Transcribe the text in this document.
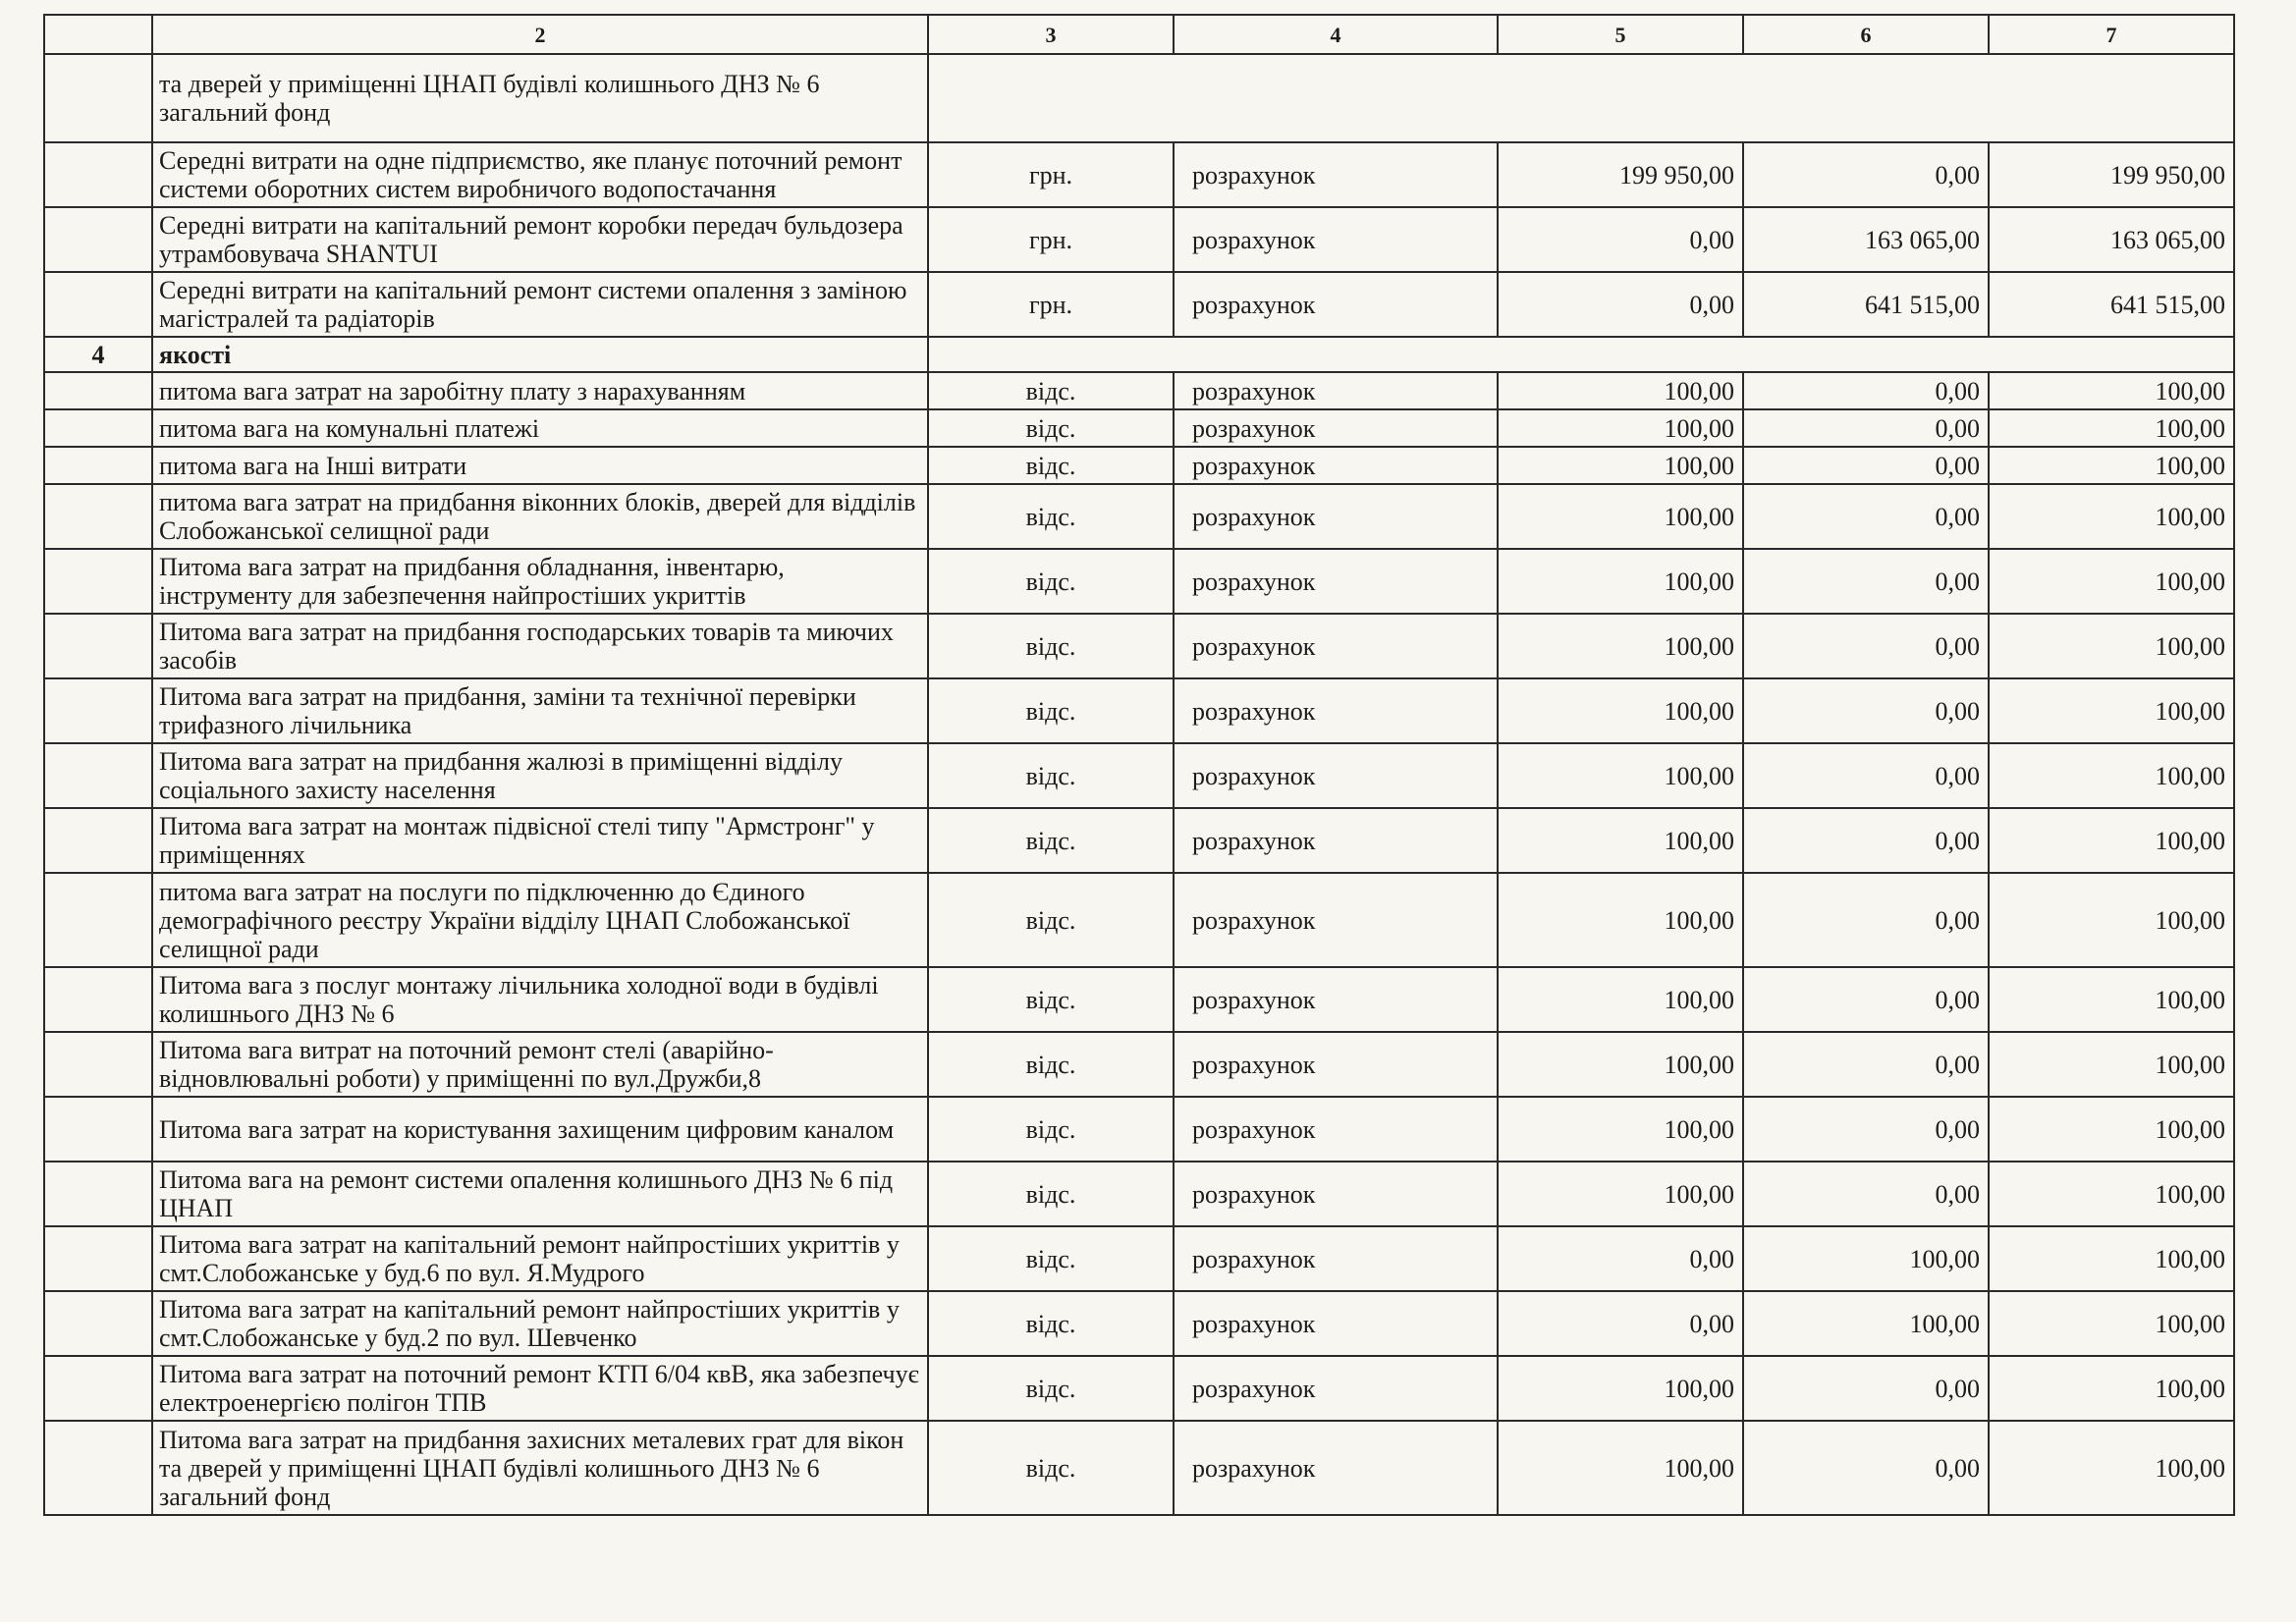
	2	3	4	5	6	7
	та дверей у приміщенні ЦНАП будівлі колишнього ДНЗ № 6 загальний фонд					
	Середні витрати на одне підприємство, яке планує поточний ремонт системи оборотних систем виробничого водопостачання	грн.	розрахунок	199 950,00	0,00	199 950,00
	Середні витрати на капітальний ремонт коробки передач бульдозера утрамбовувача SHANTUI	грн.	розрахунок	0,00	163 065,00	163 065,00
	Середні витрати на капітальний ремонт системи опалення з заміною магістралей та радіаторів	грн.	розрахунок	0,00	641 515,00	641 515,00
4	якості					
	питома вага затрат на заробітну плату з нарахуванням	відс.	розрахунок	100,00	0,00	100,00
	питома вага на комунальні платежі	відс.	розрахунок	100,00	0,00	100,00
	питома вага на Інші витрати	відс.	розрахунок	100,00	0,00	100,00
	питома вага затрат на придбання віконних блоків, дверей для відділів Слобожанської селищної ради	відс.	розрахунок	100,00	0,00	100,00
	Питома вага затрат на придбання обладнання, інвентарю, інструменту для забезпечення найпростіших укриттів	відс.	розрахунок	100,00	0,00	100,00
	Питома вага затрат на придбання господарських товарів та миючих засобів	відс.	розрахунок	100,00	0,00	100,00
	Питома вага затрат на придбання, заміни та технічної перевірки трифазного лічильника	відс.	розрахунок	100,00	0,00	100,00
	Питома вага затрат на придбання жалюзі в приміщенні відділу соціального захисту населення	відс.	розрахунок	100,00	0,00	100,00
	Питома вага затрат на монтаж підвісної стелі типу "Армстронг" у приміщеннях	відс.	розрахунок	100,00	0,00	100,00
	питома вага затрат на послуги по підключенню до Єдиного демографічного реєстру України відділу ЦНАП Слобожанської селищної ради	відс.	розрахунок	100,00	0,00	100,00
	Питома вага з послуг монтажу лічильника холодної води в будівлі колишнього ДНЗ № 6	відс.	розрахунок	100,00	0,00	100,00
	Питома вага витрат на поточний ремонт стелі (аварійно-відновлювальні роботи) у приміщенні по вул.Дружби,8	відс.	розрахунок	100,00	0,00	100,00
	Питома вага затрат на користування захищеним цифровим каналом	відс.	розрахунок	100,00	0,00	100,00
	Питома вага на ремонт системи опалення колишнього ДНЗ № 6 під ЦНАП	відс.	розрахунок	100,00	0,00	100,00
	Питома вага затрат на капітальний ремонт найпростіших укриттів у смт.Слобожанське у буд.6 по вул. Я.Мудрого	відс.	розрахунок	0,00	100,00	100,00
	Питома вага затрат на капітальний ремонт найпростіших укриттів у смт.Слобожанське у буд.2 по вул. Шевченко	відс.	розрахунок	0,00	100,00	100,00
	Питома вага затрат на поточний ремонт КТП 6/04 квВ, яка забезпечує електроенергією полігон ТПВ	відс.	розрахунок	100,00	0,00	100,00
	Питома вага затрат на придбання захисних металевих грат для вікон та дверей у приміщенні ЦНАП будівлі колишнього ДНЗ № 6 загальний фонд	відс.	розрахунок	100,00	0,00	100,00
